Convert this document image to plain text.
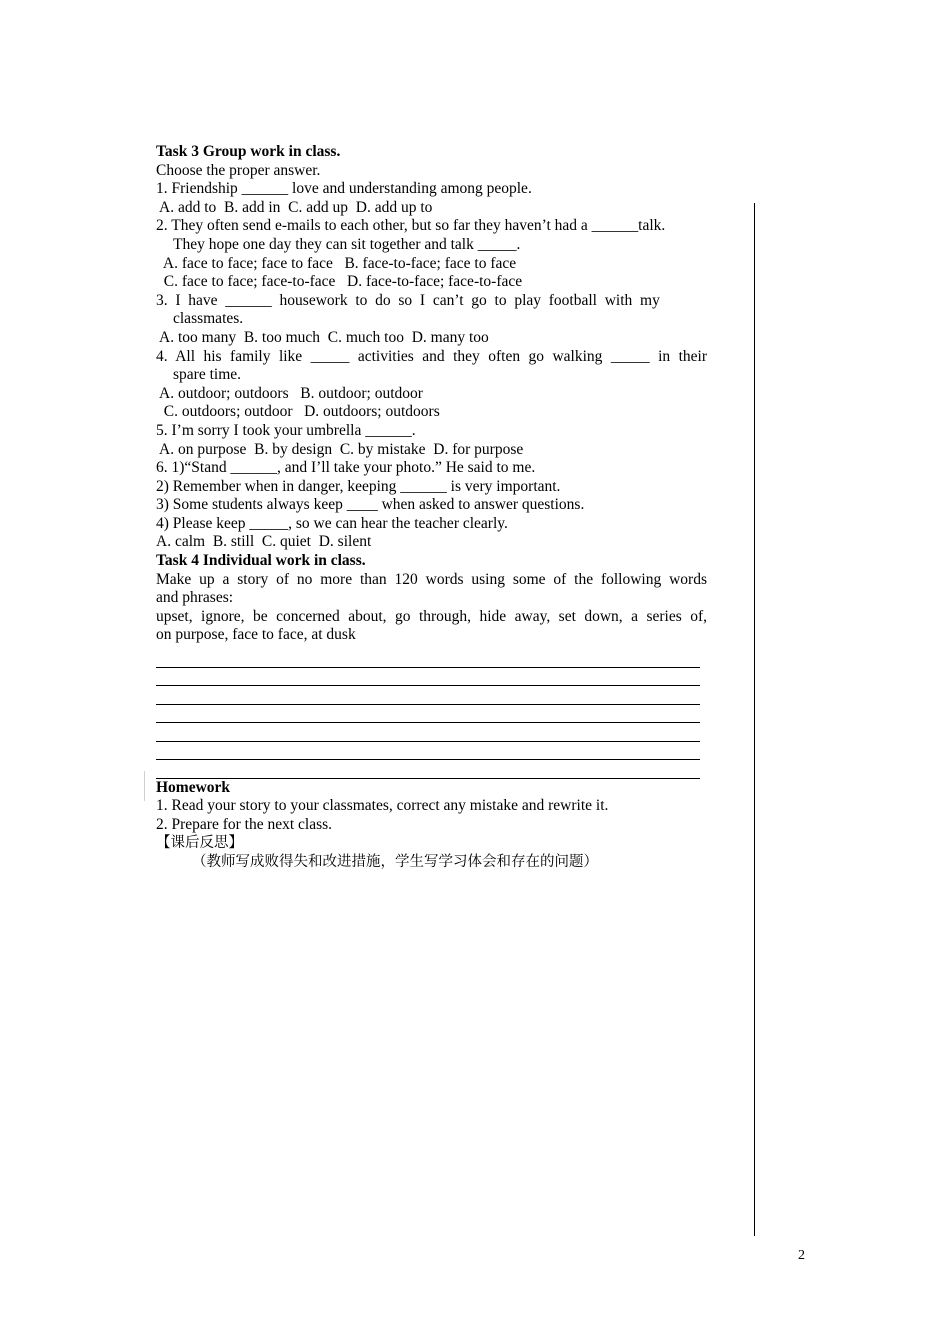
Task 3 Group work in class.
Choose the proper answer.
1. Friendship ______ love and understanding among people.
A. add to  B. add in  C. add up  D. add up to
2. They often send e-mails to each other, but so far they haven’t had a ______talk.
They hope one day they can sit together and talk _____.
A. face to face; face to face   B. face-to-face; face to face
C. face to face; face-to-face   D. face-to-face; face-to-face
3.  I  have  ______  housework  to  do  so  I  can’t  go  to  play  football  with  my
classmates.
A. too many  B. too much  C. much too  D. many too
4. All his family like _____ activities and they often go walking _____ in their
spare time.
A. outdoor; outdoors   B. outdoor; outdoor
C. outdoors; outdoor   D. outdoors; outdoors
5. I’m sorry I took your umbrella ______.
A. on purpose  B. by design  C. by mistake  D. for purpose
6. 1)“Stand ______, and I’ll take your photo.” He said to me.
2) Remember when in danger, keeping ______ is very important.
3) Some students always keep ____ when asked to answer questions.
4) Please keep _____, so we can hear the teacher clearly.
A. calm  B. still  C. quiet  D. silent
Task 4 Individual work in class.
Make up a story of no more than 120 words using some of the following words
and phrases:
upset, ignore, be concerned about, go through, hide away, set down, a series of,
on purpose, face to face, at dusk
Homework
1. Read your story to your classmates, correct any mistake and rewrite it.
2. Prepare for the next class.
【课后反思】
（教师写成败得失和改进措施，学生写学习体会和存在的问题）
2
